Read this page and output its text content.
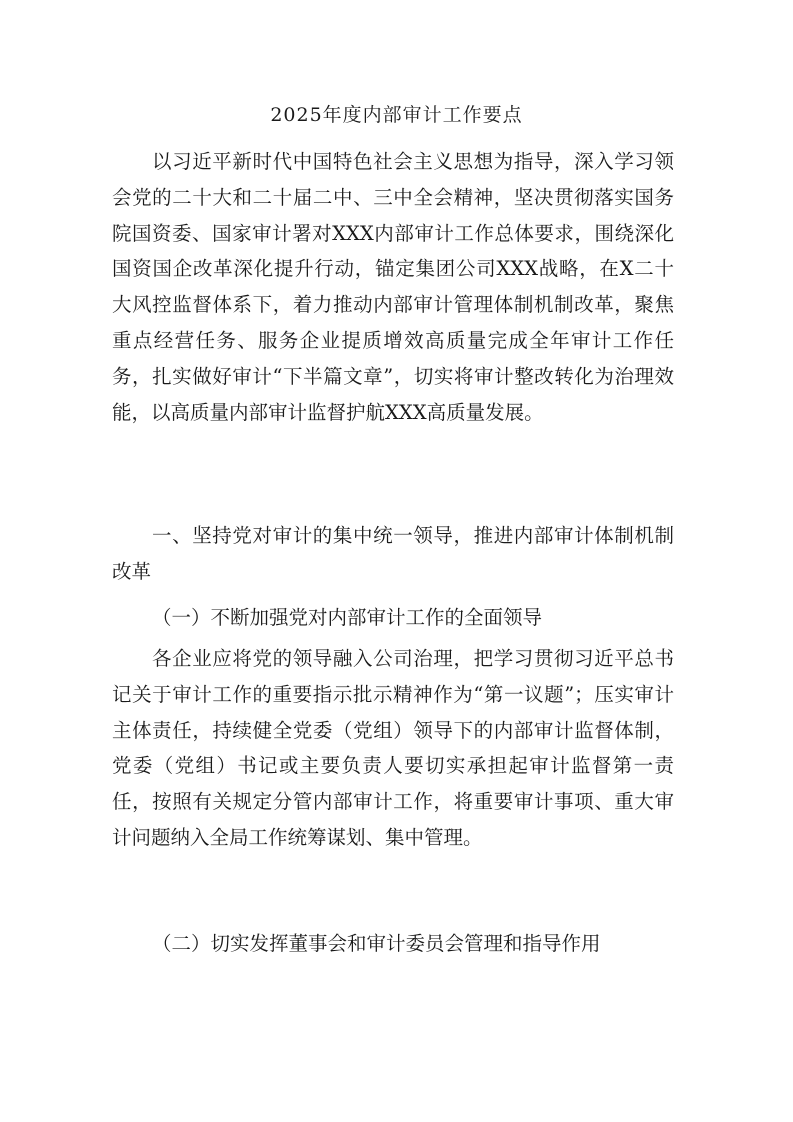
2025年度内部审计工作要点

以习近平新时代中国特色社会主义思想为指导，深入学习领会党的二十大和二十届二中、三中全会精神，坚决贯彻落实国务院国资委、国家审计署对XXX内部审计工作总体要求，围绕深化国资国企改革深化提升行动，锚定集团公司XXX战略，在X二十大风控监督体系下，着力推动内部审计管理体制机制改革，聚焦重点经营任务、服务企业提质增效高质量完成全年审计工作任务，扎实做好审计“下半篇文章”，切实将审计整改转化为治理效能，以高质量内部审计监督护航XXX高质量发展。

一、坚持党对审计的集中统一领导，推进内部审计体制机制改革

（一）不断加强党对内部审计工作的全面领导

各企业应将党的领导融入公司治理，把学习贯彻习近平总书记关于审计工作的重要指示批示精神作为“第一议题”；压实审计主体责任，持续健全党委（党组）领导下的内部审计监督体制，党委（党组）书记或主要负责人要切实承担起审计监督第一责任，按照有关规定分管内部审计工作，将重要审计事项、重大审计问题纳入全局工作统筹谋划、集中管理。

（二）切实发挥董事会和审计委员会管理和指导作用
